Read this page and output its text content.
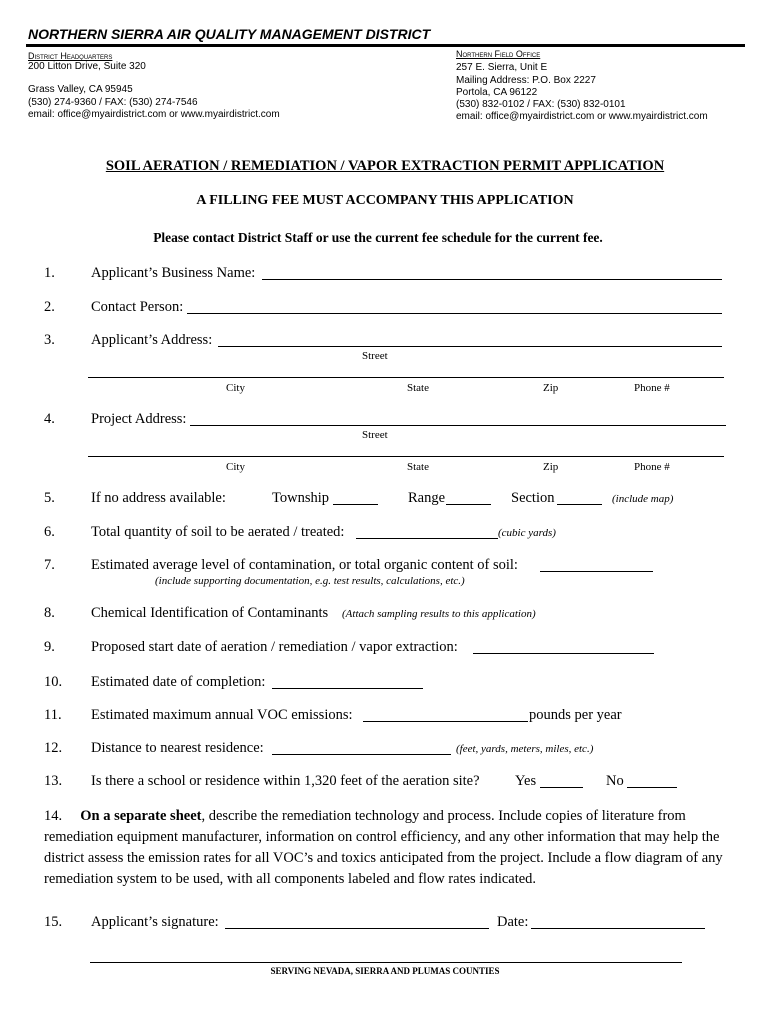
NORTHERN SIERRA AIR QUALITY MANAGEMENT DISTRICT
District Headquarters
200 Litton Drive, Suite 320
Grass Valley, CA 95945
(530) 274-9360 / FAX: (530) 274-7546
email: office@myairdistrict.com or www.myairdistrict.com
Northern Field Office
257 E. Sierra, Unit E
Mailing Address: P.O. Box 2227
Portola, CA 96122
(530) 832-0102 / FAX: (530) 832-0101
email: office@myairdistrict.com or www.myairdistrict.com
SOIL AERATION / REMEDIATION / VAPOR EXTRACTION PERMIT APPLICATION
A FILLING FEE MUST ACCOMPANY THIS APPLICATION
Please contact District Staff or use the current fee schedule for the current fee.
1. Applicant’s Business Name:
2. Contact Person:
3. Applicant’s Address:
Street
City	State	Zip	Phone #
4. Project Address:
Street
City	State	Zip	Phone #
5. If no address available:	Township	Range	Section	(include map)
6. Total quantity of soil to be aerated / treated:	(cubic yards)
7. Estimated average level of contamination, or total organic content of soil:
(include supporting documentation, e.g. test results, calculations, etc.)
8. Chemical Identification of Contaminants (Attach sampling results to this application)
9. Proposed start date of aeration / remediation / vapor extraction:
10. Estimated date of completion:
11. Estimated maximum annual VOC emissions:	pounds per year
12. Distance to nearest residence:	(feet, yards, meters, miles, etc.)
13. Is there a school or residence within 1,320 feet of the aeration site? Yes	No
14. On a separate sheet, describe the remediation technology and process. Include copies of literature from remediation equipment manufacturer, information on control efficiency, and any other information that may help the district assess the emission rates for all VOC’s and toxics anticipated from the project. Include a flow diagram of any remediation system to be used, with all components labeled and flow rates indicated.
15. Applicant’s signature:	Date:
SERVING NEVADA, SIERRA AND PLUMAS COUNTIES
